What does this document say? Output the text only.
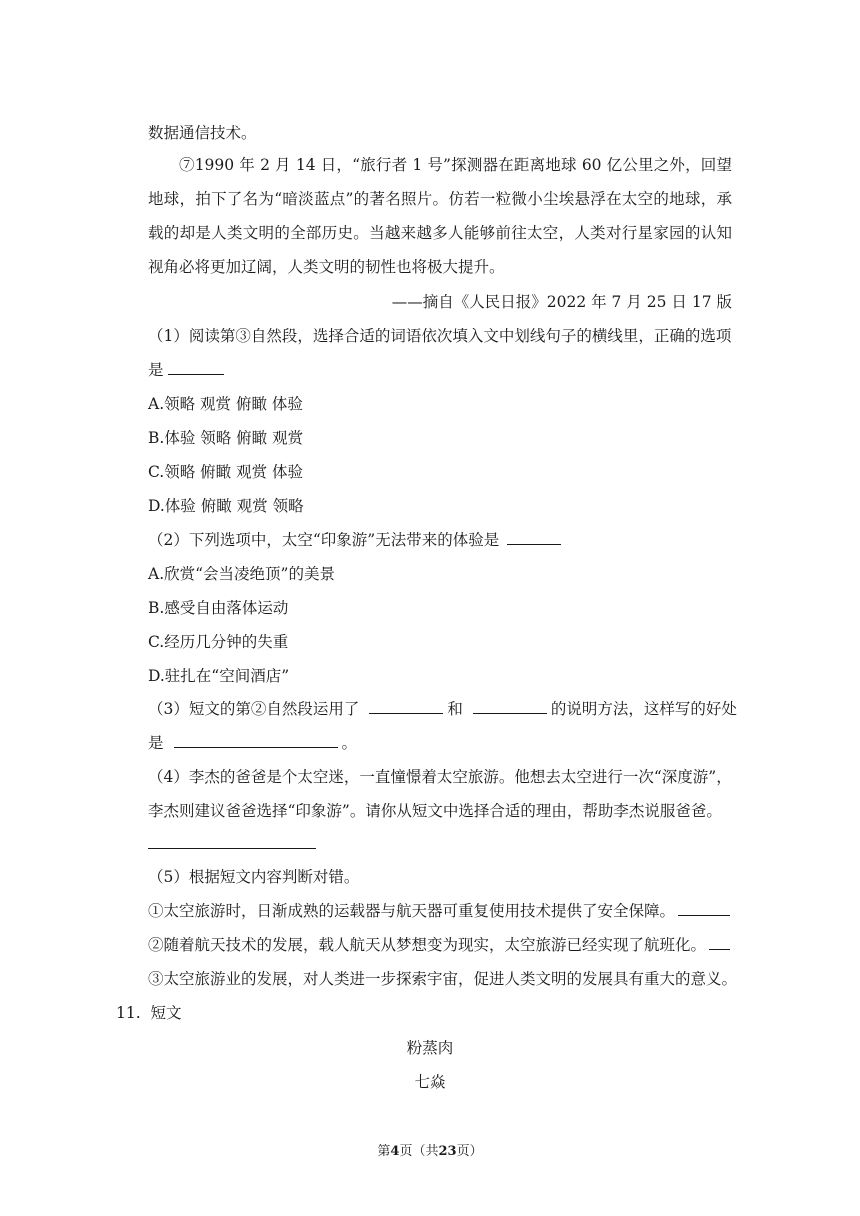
数据通信技术。
⑦1990 年 2 月 14 日，“旅行者 1 号”探测器在距离地球 60 亿公里之外，回望地球，拍下了名为“暗淡蓝点”的著名照片。仿若一粒微小尘埃悬浮在太空的地球，承载的却是人类文明的全部历史。当越来越多人能够前往太空，人类对行星家园的认知视角必将更加辽阔，人类文明的韧性也将极大提升。
——摘自《人民日报》2022 年 7 月 25 日 17 版
（1）阅读第③自然段，选择合适的词语依次填入文中划线句子的横线里，正确的选项
是
A.领略 观赏 俯瞰 体验
B.体验 领略 俯瞰 观赏
C.领略 俯瞰 观赏 体验
D.体验 俯瞰 观赏 领略
（2）下列选项中，太空“印象游”无法带来的体验是
A.欣赏“会当凌绝顶”的美景
B.感受自由落体运动
C.经历几分钟的失重
D.驻扎在“空间酒店”
（3）短文的第②自然段运用了	和	的说明方法，这样写的好处
是	。
（4）李杰的爸爸是个太空迷，一直憧憬着太空旅游。他想去太空进行一次“深度游”，
李杰则建议爸爸选择“印象游”。请你从短文中选择合适的理由，帮助李杰说服爸爸。
（5）根据短文内容判断对错。
①太空旅游时，日渐成熟的运载器与航天器可重复使用技术提供了安全保障。
②随着航天技术的发展，载人航天从梦想变为现实，太空旅游已经实现了航班化。
③太空旅游业的发展，对人类进一步探索宇宙，促进人类文明的发展具有重大的意义。
11. 短文
粉蒸肉
七焱
第4页（共23页）
